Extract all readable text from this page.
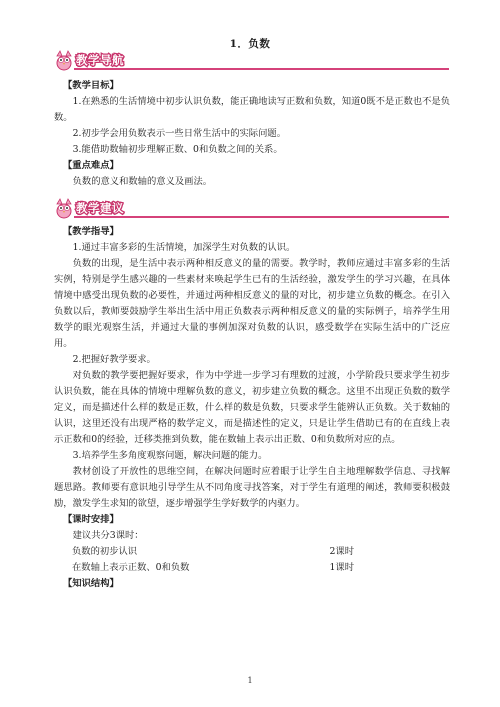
1．负数
教学导航
教学建议

【教学目标】

1.在熟悉的生活情境中初步认识负数，能正确地读写正数和负数，知道0既不是正数也不是负数。

2.初步学会用负数表示一些日常生活中的实际问题。

3.能借助数轴初步理解正数、0和负数之间的关系。

【重点难点】

负数的意义和数轴的意义及画法。

【教学指导】

1.通过丰富多彩的生活情境，加深学生对负数的认识。

负数的出现，是生活中表示两种相反意义的量的需要。教学时，教师应通过丰富多彩的生活实例，特别是学生感兴趣的一些素材来唤起学生已有的生活经验，激发学生的学习兴趣，在具体情境中感受出现负数的必要性，并通过两种相反意义的量的对比，初步建立负数的概念。在引入负数以后，教师要鼓励学生举出生活中用正负数表示两种相反意义的量的实际例子，培养学生用数学的眼光观察生活，并通过大量的事例加深对负数的认识，感受数学在实际生活中的广泛应用。

2.把握好教学要求。

对负数的教学要把握好要求，作为中学进一步学习有理数的过渡，小学阶段只要求学生初步认识负数，能在具体的情境中理解负数的意义，初步建立负数的概念。这里不出现正负数的数学定义，而是描述什么样的数是正数，什么样的数是负数，只要求学生能辨认正负数。关于数轴的认识，这里还没有出现严格的数学定义，而是描述性的定义，只是让学生借助已有的在直线上表示正数和0的经验，迁移类推到负数，能在数轴上表示出正数、0和负数所对应的点。

3.培养学生多角度观察问题，解决问题的能力。

教材创设了开放性的思维空间，在解决问题时应着眼于让学生自主地理解数学信息、寻找解题思路。教师要有意识地引导学生从不同角度寻找答案，对于学生有道理的阐述，教师要积极鼓励，激发学生求知的欲望，逐步增强学生学好数学的内驱力。

【课时安排】

建议共分3课时：

负数的初步认识	2课时
在数轴上表示正数、0和负数	1课时

【知识结构】

1
